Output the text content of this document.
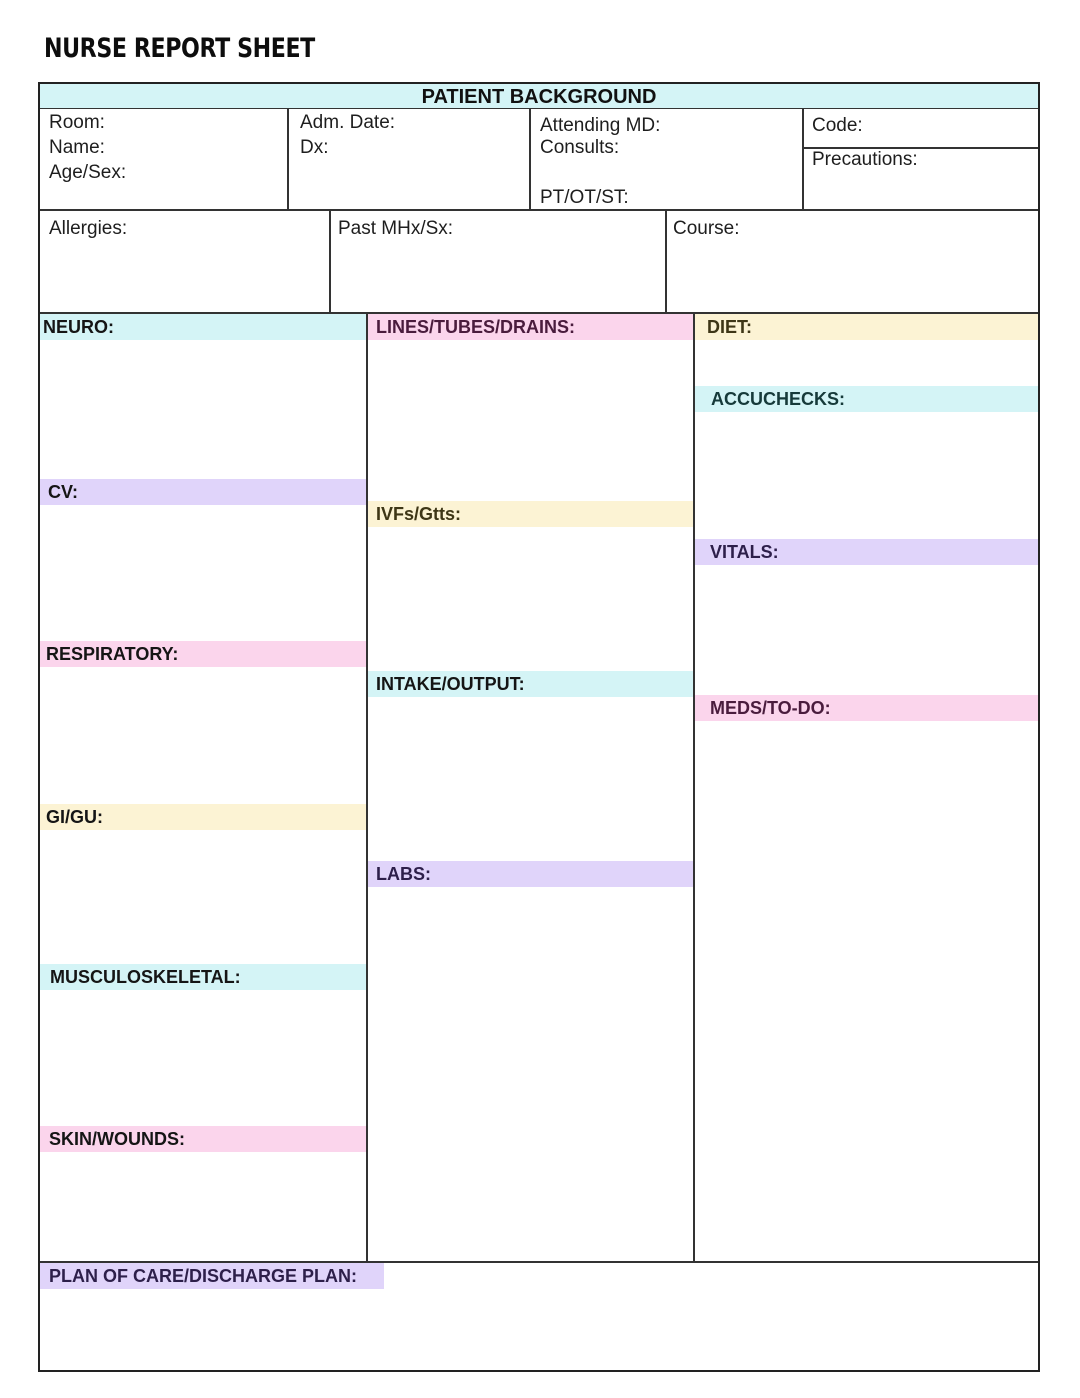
NURSE REPORT SHEET
PATIENT BACKGROUND
Room:
Name:
Age/Sex:
Adm. Date:
Dx:
Attending MD:
Consults:
PT/OT/ST:
Code:
Precautions:
Allergies:	Past MHx/Sx:	Course:
NEURO:
CV:
RESPIRATORY:
GI/GU:
MUSCULOSKELETAL:
SKIN/WOUNDS:
LINES/TUBES/DRAINS:
IVFs/Gtts:
INTAKE/OUTPUT:
LABS:
DIET:
ACCUCHECKS:
VITALS:
MEDS/TO-DO:
PLAN OF CARE/DISCHARGE PLAN:
